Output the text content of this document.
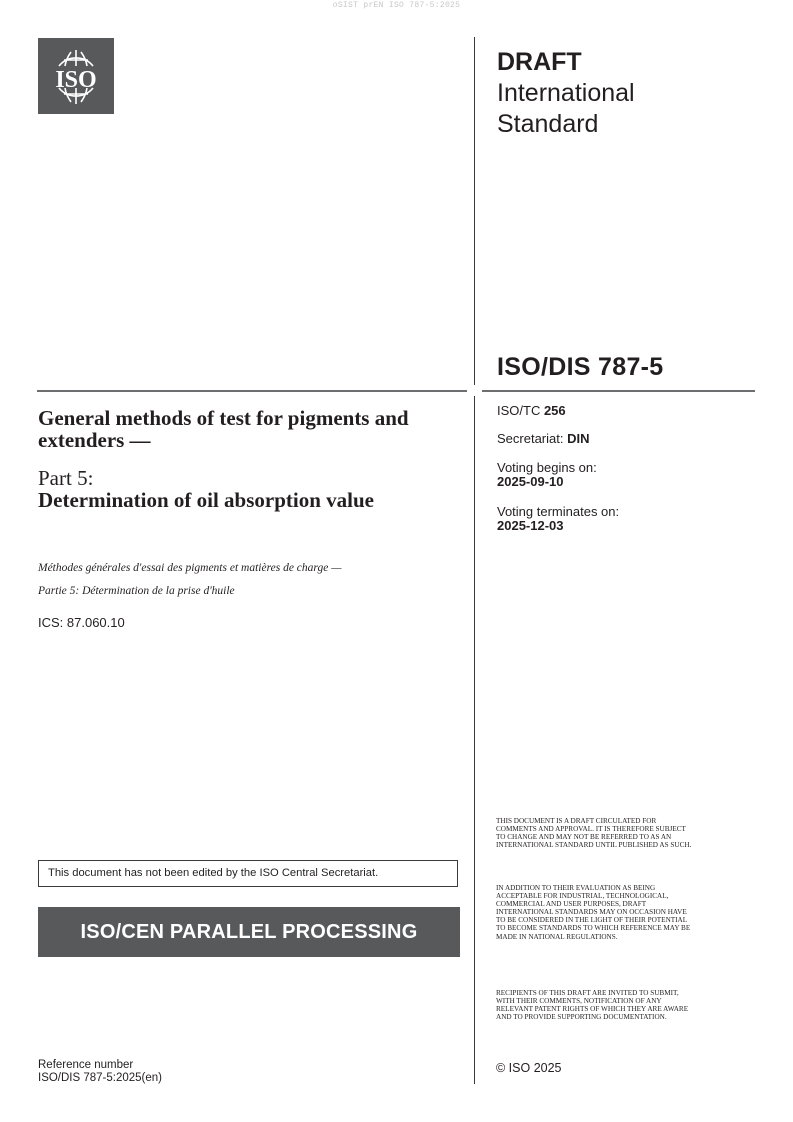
oSIST prEN ISO 787-5:2025
ISO
DRAFT
International
Standard
ISO/DIS 787-5
ISO/TC 256
Secretariat: DIN
Voting begins on:
2025-09-10
Voting terminates on:
2025-12-03
General methods of test for pigments and extenders —
Part 5:
Determination of oil absorption value
Méthodes générales d'essai des pigments et matières de charge —
Partie 5: Détermination de la prise d'huile
ICS: 87.060.10
THIS DOCUMENT IS A DRAFT CIRCULATED FOR COMMENTS AND APPROVAL. IT IS THEREFORE SUBJECT TO CHANGE AND MAY NOT BE REFERRED TO AS AN INTERNATIONAL STANDARD UNTIL PUBLISHED AS SUCH.
IN ADDITION TO THEIR EVALUATION AS BEING ACCEPTABLE FOR INDUSTRIAL, TECHNOLOGICAL, COMMERCIAL AND USER PURPOSES, DRAFT INTERNATIONAL STANDARDS MAY ON OCCASION HAVE TO BE CONSIDERED IN THE LIGHT OF THEIR POTENTIAL TO BECOME STANDARDS TO WHICH REFERENCE MAY BE MADE IN NATIONAL REGULATIONS.
RECIPIENTS OF THIS DRAFT ARE INVITED TO SUBMIT, WITH THEIR COMMENTS, NOTIFICATION OF ANY RELEVANT PATENT RIGHTS OF WHICH THEY ARE AWARE AND TO PROVIDE SUPPORTING DOCUMENTATION.
This document has not been edited by the ISO Central Secretariat.
ISO/CEN PARALLEL PROCESSING
Reference number
ISO/DIS 787-5:2025(en)
© ISO 2025
